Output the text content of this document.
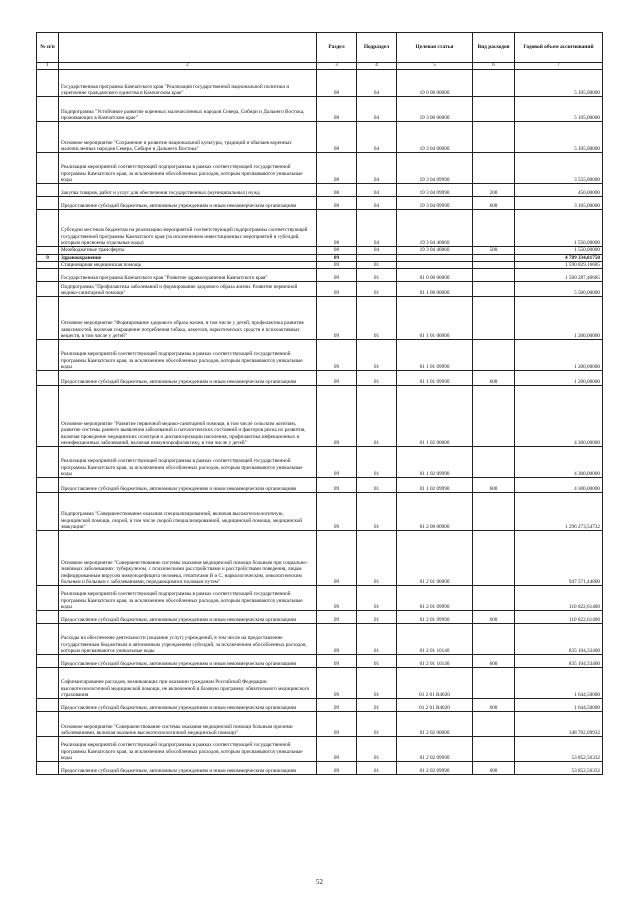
№ п/п		Раздел	Подраздел	Целевая статья	Вид расходов	Годовой объем ассигнований
1	2	3	4	5	6	7
	Государственная программа Камчатского края "Реализация государственной национальной политики и укрепление гражданского единства в Камчатском крае"	08	04	19 0 00 00000		5 105,00000
	Подпрограмма "Устойчивое развитие коренных малочисленных народов Севера, Сибири и Дальнего Востока, проживающих в Камчатском крае"	08	04	19 3 00 00000		5 105,00000
	Основное мероприятие "Сохранение и развитие национальной культуры, традиций и обычаев коренных малочисленных народов Севера, Сибири и Дальнего Востока"	08	04	19 3 04 00000		5 105,00000
	Реализация мероприятий соответствующей подпрограммы в рамках соответствующей государственной программы Камчатского края, за исключением обособленных расходов, которым присваиваются уникальные коды	08	04	19 3 04 09990		3 555,00000
	Закупка товаров, работ и услуг для обеспечения государственных (муниципальных) нужд	08	04	19 3 04 09990	200	450,00000
	Предоставление субсидий бюджетным, автономным учреждениям и иным некоммерческим организациям	08	04	19 3 04 09990	600	3 105,00000
	Субсидии местным бюджетам на реализацию мероприятий соответствующей подпрограммы соответствующей государственной программы Камчатского края (за исключением инвестиционных мероприятий и субсидий, которым присвоены отдельные коды)	08	04	19 3 04 40060		1 550,00000
	Межбюджетные трансферты	08	04	19 3 04 40060	500	1 550,00000
9	Здравоохранение	09				4 789 334,01750
	Стационарная медицинская помощь	09	01			1 590 829,16685
	Государственная программа Камчатского края "Развитие здравоохранения Камчатского края"	09	01	01 0 00 00000		1 560 287,40685
	Подпрограмма "Профилактика заболеваний и формирование здорового образа жизни. Развитие первичной медико-санитарной помощи"	09	01	01 1 00 00000		5 500,00000
	Основное мероприятие "Формирование здорового образа жизни, в том числе у детей, профилактика развития зависимостей, включая сокращение потребления табака, алкоголя, наркотических средств и психоактивных веществ, в том числе у детей"	09	01	01 1 01 00000		1 200,00000
	Реализация мероприятий соответствующей подпрограммы в рамках соответствующей государственной программы Камчатского края, за исключением обособленных расходов, которым присваиваются уникальные коды	09	01	01 1 01 09990		1 200,00000
	Предоставление субсидий бюджетным, автономным учреждениям и иным некоммерческим организациям	09	01	01 1 01 09990	600	1 200,00000
	Основное мероприятие "Развитие первичной медико-санитарной помощи, в том числе сельским жителям, развитие системы раннего выявления заболеваний и патологических состояний и факторов риска их развития, включая проведение медицинских осмотров и диспансеризации населения, профилактика инфекционных и неинфекционных заболеваний, включая иммунопрофилактику, в том числе у детей"	09	01	01 1 02 00000		4 300,00000
	Реализация мероприятий соответствующей подпрограммы в рамках соответствующей государственной программы Камчатского края, за исключением обособленных расходов, которым присваиваются уникальные коды	09	01	01 1 02 09990		4 300,00000
	Предоставление субсидий бюджетным, автономным учреждениям и иным некоммерческим организациям	09	01	01 1 02 09990	600	4 300,00000
	Подпрограмма "Совершенствование оказания специализированной, включая высокотехнологичную, медицинской помощи, скорой, в том числе скорой специализированной, медицинской помощи, медицинской эвакуации"	09	01	01 2 00 00000		1 296 273,54732
	Основное мероприятие "Совершенствование системы оказания медицинской помощи больным при социально-значимых заболеваниях: туберкулезом, с психическими расстройствами и расстройствами поведения, лицам инфицированным вирусом иммунодефицита человека, гепатитами В и С, наркологическим, онкологическим больным и больным с заболеваниями, передающимися половым путем"	09	01	01 2 01 00000		947 571,44800
	Реализация мероприятий соответствующей подпрограммы в рамках соответствующей государственной программы Камчатского края, за исключением обособленных расходов, которым присваиваются уникальные коды	09	01	01 2 01 09990		110 822,61400
	Предоставление субсидий бюджетным, автономным учреждениям и иным некоммерческим организациям	09	01	01 2 01 09990	600	110 822,61400
	Расходы на обеспечение деятельности (оказание услуг) учреждений, в том числе на предоставление государственным бюджетным и автономным учреждениям субсидий, за исключением обособленных расходов, которым присваиваются уникальные коды	09	01	01 2 01 10140		835 104,33400
	Предоставление субсидий бюджетным, автономным учреждениям и иным некоммерческим организациям	09	01	01 2 01 10140	600	835 104,33400
	Софинансирование расходов, возникающих при оказании гражданам Российской Федерации высокотехнологичной медицинской помощи, не включенной в базовую программу обязательного медицинского страхования	09	01	01 2 01 R4020		1 644,50000
	Предоставление субсидий бюджетным, автономным учреждениям и иным некоммерческим организациям	09	01	01 2 01 R4020	600	1 644,50000
	Основное мероприятие "Совершенствование системы оказания медицинской помощи больным прочими заболеваниями, включая оказание высокотехнологичной медицинской помощи"	09	01	01 2 02 00000		348 702,09932
	Реализация мероприятий соответствующей подпрограммы в рамках соответствующей государственной программы Камчатского края, за исключением обособленных расходов, которым присваиваются уникальные коды	09	01	01 2 02 09990		53 852,56332
	Предоставление субсидий бюджетным, автономным учреждениям и иным некоммерческим организациям	09	01	01 2 02 09990	600	53 852,56332
52
